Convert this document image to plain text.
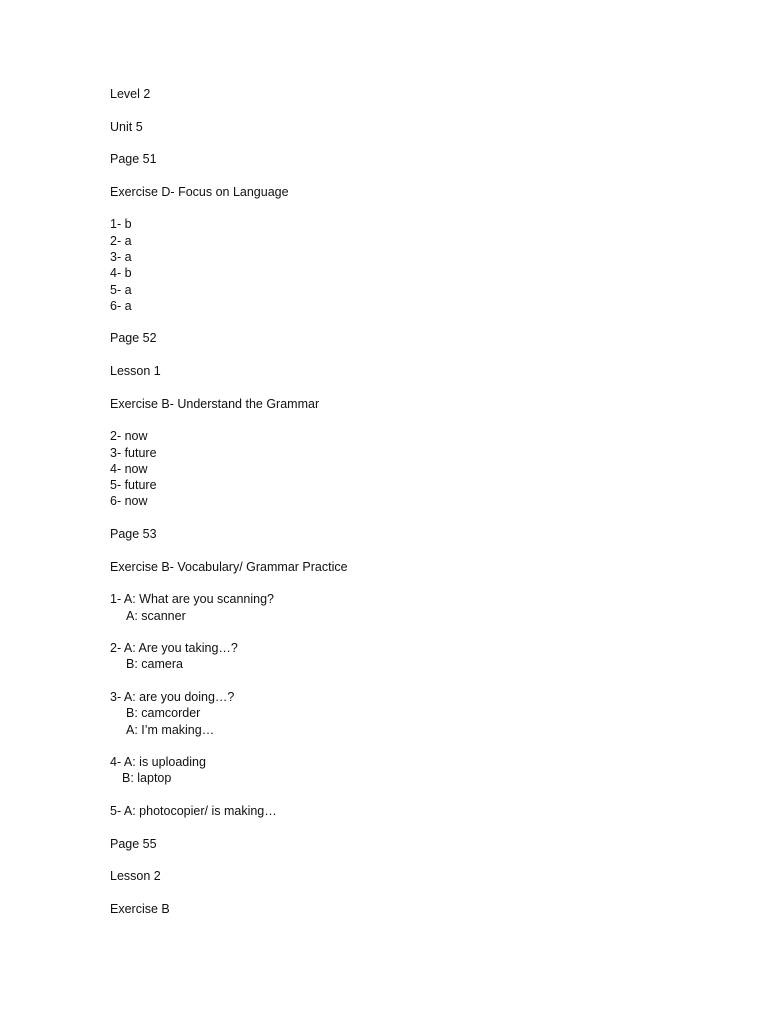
Level 2
Unit 5
Page 51
Exercise D- Focus on Language
1- b
2- a
3- a
4- b
5- a
6- a
Page 52
Lesson 1
Exercise B- Understand the Grammar
2- now
3- future
4- now
5- future
6- now
Page 53
Exercise B- Vocabulary/ Grammar Practice
1- A: What are you scanning?
A: scanner
2- A: Are you taking…?
B: camera
3- A: are you doing…?
B: camcorder
A: I’m making…
4- A: is uploading
B: laptop
5- A: photocopier/ is making…
Page 55
Lesson 2
Exercise B
